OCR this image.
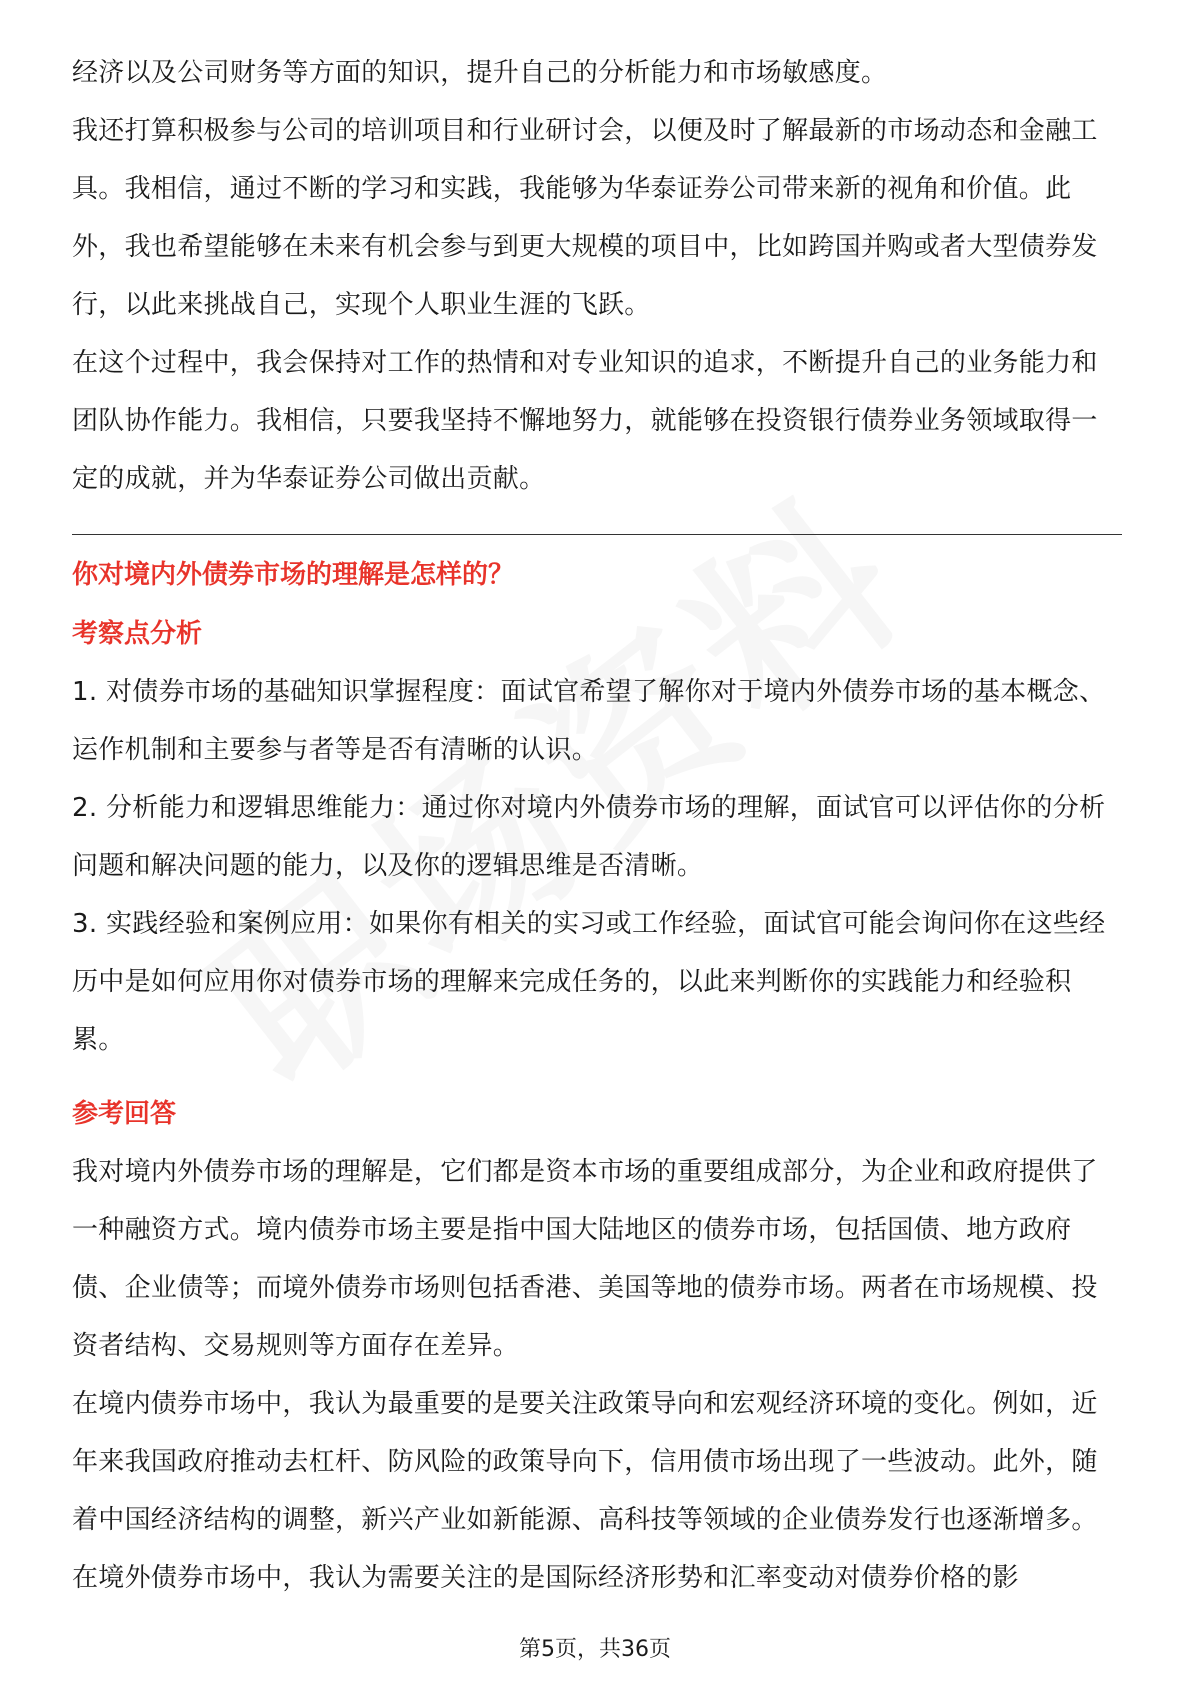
经济以及公司财务等方面的知识，提升自己的分析能力和市场敏感度。

我还打算积极参与公司的培训项目和行业研讨会，以便及时了解最新的市场动态和金融工具。我相信，通过不断的学习和实践，我能够为华泰证券公司带来新的视角和价值。此外，我也希望能够在未来有机会参与到更大规模的项目中，比如跨国并购或者大型债券发行，以此来挑战自己，实现个人职业生涯的飞跃。

在这个过程中，我会保持对工作的热情和对专业知识的追求，不断提升自己的业务能力和团队协作能力。我相信，只要我坚持不懈地努力，就能够在投资银行债券业务领域取得一定的成就，并为华泰证券公司做出贡献。

你对境内外债券市场的理解是怎样的？

考察点分析

1. 对债券市场的基础知识掌握程度：面试官希望了解你对于境内外债券市场的基本概念、运作机制和主要参与者等是否有清晰的认识。

2. 分析能力和逻辑思维能力：通过你对境内外债券市场的理解，面试官可以评估你的分析问题和解决问题的能力，以及你的逻辑思维是否清晰。

3. 实践经验和案例应用：如果你有相关的实习或工作经验，面试官可能会询问你在这些经历中是如何应用你对债券市场的理解来完成任务的，以此来判断你的实践能力和经验积累。

参考回答

我对境内外债券市场的理解是，它们都是资本市场的重要组成部分，为企业和政府提供了一种融资方式。境内债券市场主要是指中国大陆地区的债券市场，包括国债、地方政府债、企业债等；而境外债券市场则包括香港、美国等地的债券市场。两者在市场规模、投资者结构、交易规则等方面存在差异。

在境内债券市场中，我认为最重要的是要关注政策导向和宏观经济环境的变化。例如，近年来我国政府推动去杠杆、防风险的政策导向下，信用债市场出现了一些波动。此外，随着中国经济结构的调整，新兴产业如新能源、高科技等领域的企业债券发行也逐渐增多。

在境外债券市场中，我认为需要关注的是国际经济形势和汇率变动对债券价格的影

第5页，共36页
